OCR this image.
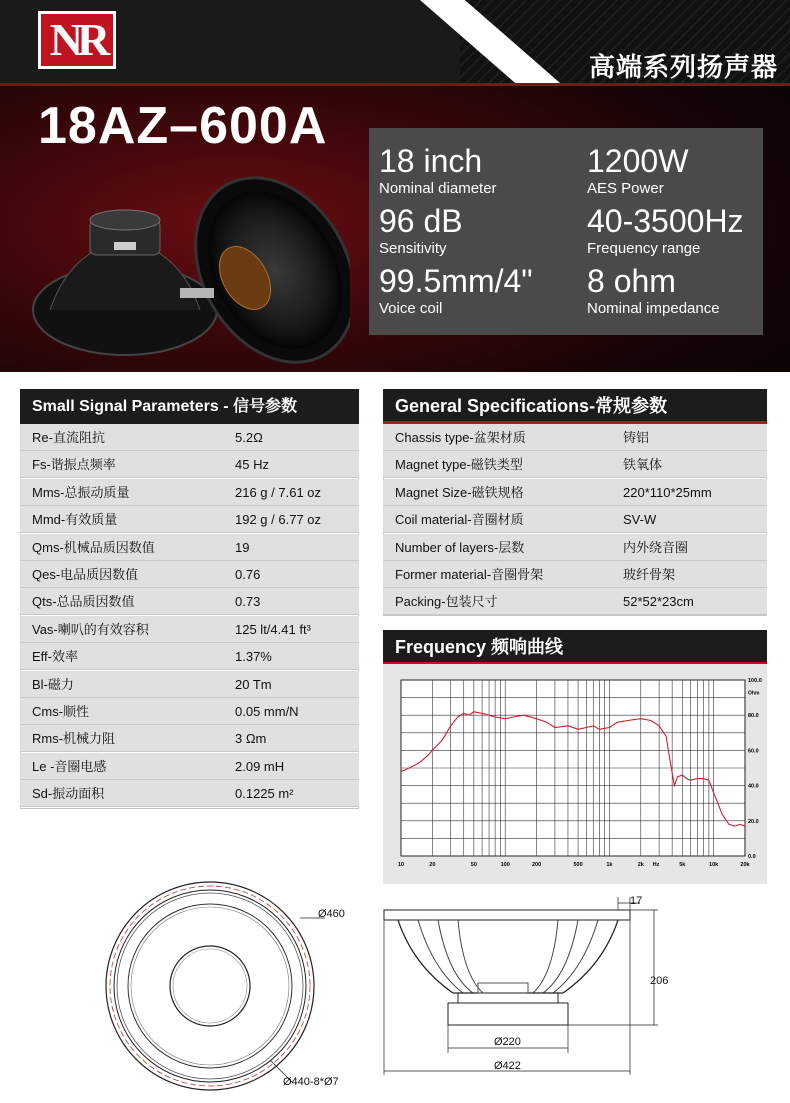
NR
高端系列扬声器
18AZ–600A
18 inch
Nominal diameter
1200W
AES Power
96 dB
Sensitivity
40-3500Hz
Frequency range
99.5mm/4"
Voice coil
8 ohm
Nominal impedance
Small Signal Parameters - 信号参数
Re-直流阻抗	5.2Ω
Fs-谐振点频率	45 Hz
Mms-总振动质量	216 g / 7.61 oz
Mmd-有效质量	192 g / 6.77 oz
Qms-机械品质因数值	19
Qes-电品质因数值	0.76
Qts-总品质因数值	0.73
Vas-喇叭的有效容积	125 lt/4.41 ft³
Eff-效率	1.37%
Bl-磁力	20 Tm
Cms-顺性	0.05 mm/N
Rms-机械力阻	3 Ωm
Le -音圈电感	2.09 mH
Sd-振动面积	0.1225 m²
General Specifications-常规参数
Chassis type-盆架材质	铸铝
Magnet type-磁铁类型	铁氧体
Magnet Size-磁铁规格	220*110*25mm
Coil material-音圈材质	SV-W
Number of layers-层数	内外绕音圈
Former material-音圈骨架	玻纤骨架
Packing-包装尺寸	52*52*23cm
Frequency 频响曲线
10	20	50	100	200	500	1k	2k	5k	10k	20k
Hz
100.0
80.0
60.0
40.0
20.0
0.0
Ohm
Ø460
Ø440-8*Ø7
17
206
Ø220
Ø422
